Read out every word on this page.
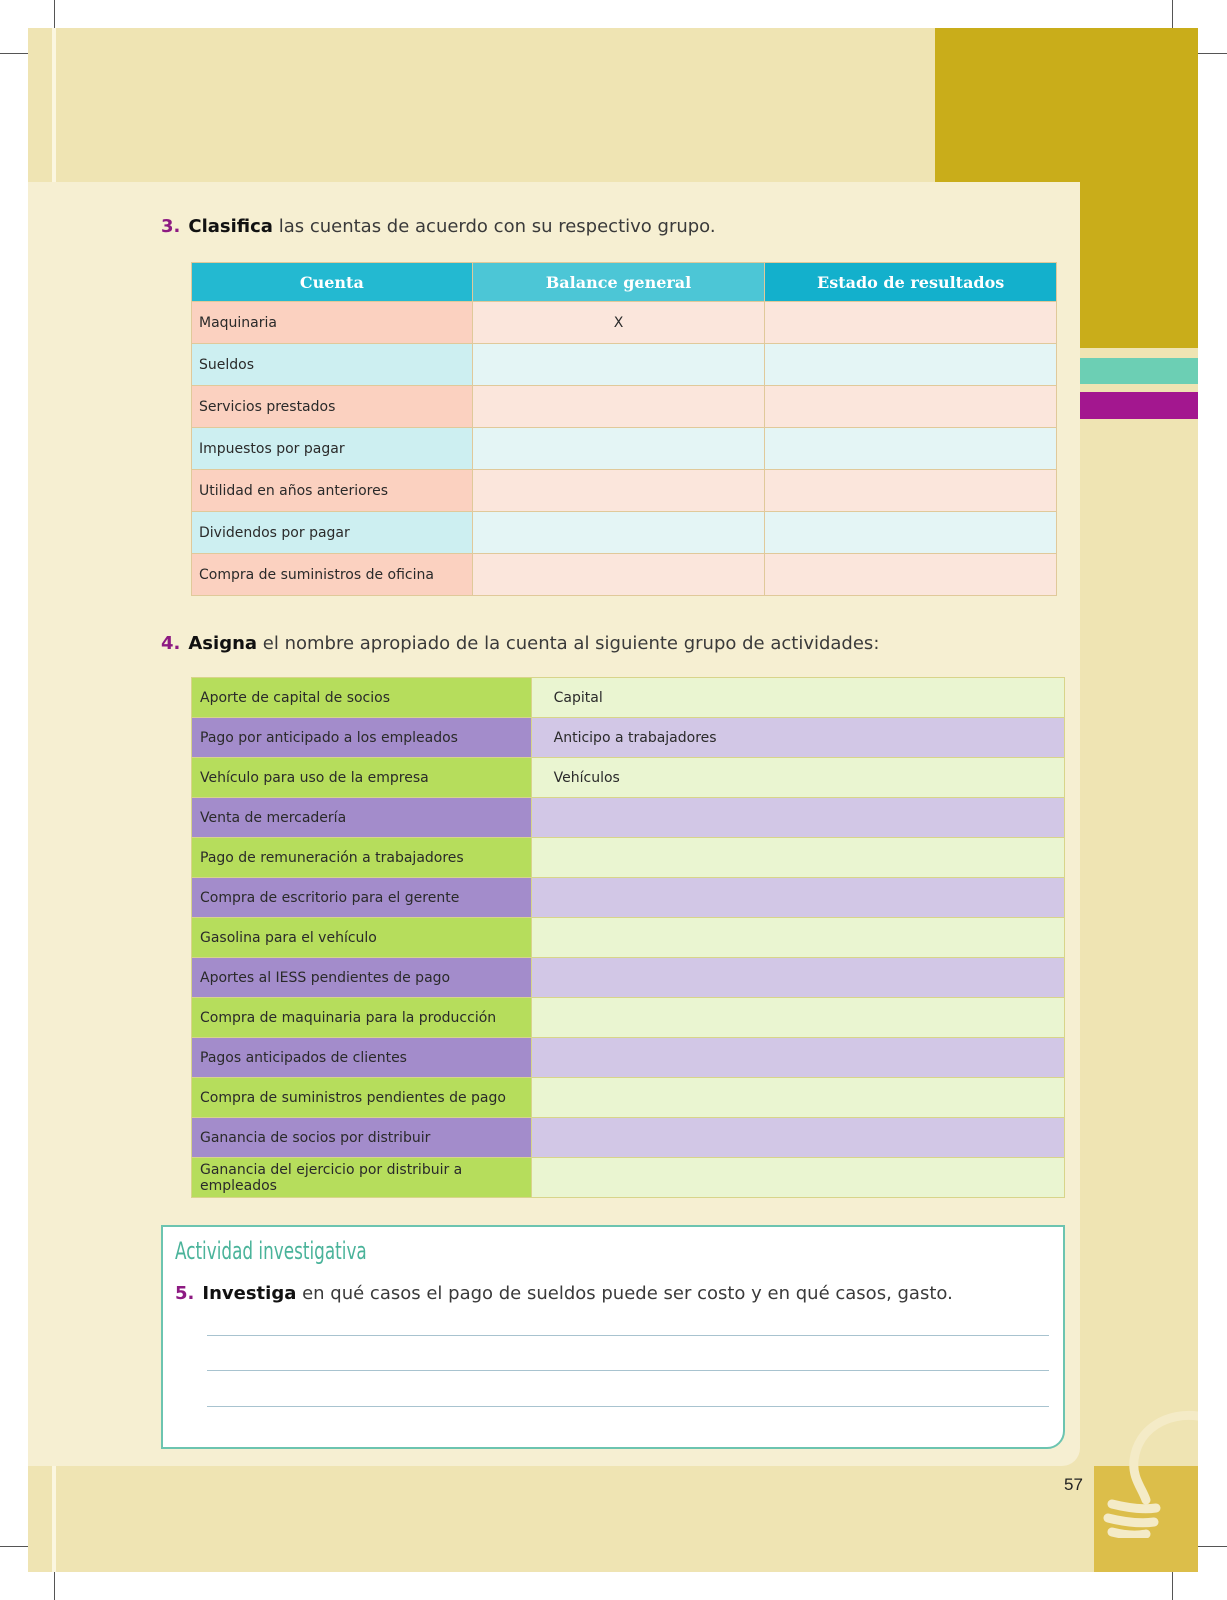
3. Clasifica las cuentas de acuerdo con su respectivo grupo.
Cuenta	Balance general	Estado de resultados
Maquinaria	X	
Sueldos		
Servicios prestados		
Impuestos por pagar		
Utilidad en años anteriores		
Dividendos por pagar		
Compra de suministros de oficina		
4. Asigna el nombre apropiado de la cuenta al siguiente grupo de actividades:
Aporte de capital de socios	Capital
Pago por anticipado a los empleados	Anticipo a trabajadores
Vehículo para uso de la empresa	Vehículos
Venta de mercadería	
Pago de remuneración a trabajadores	
Compra de escritorio para el gerente	
Gasolina para el vehículo	
Aportes al IESS pendientes de pago	
Compra de maquinaria para la producción	
Pagos anticipados de clientes	
Compra de suministros pendientes de pago	
Ganancia de socios por distribuir	
Ganancia del ejercicio por distribuir a empleados	
Actividad investigativa
5. Investiga en qué casos el pago de sueldos puede ser costo y en qué casos, gasto.
57
